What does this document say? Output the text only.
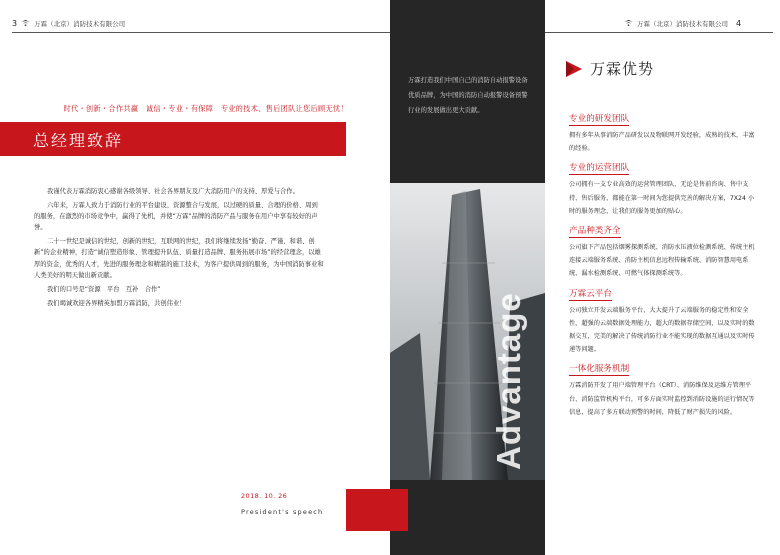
3	万霖（北京）消防技术有限公司
时代・创新・合作共赢　诚信・专业・有保障　专业的技术、售后团队让您后顾无忧！
总经理致辞

我谨代表万霖消防衷心感谢各级领导、社会各界朋友及广大消防用户的支持、厚爱与合作。

六年来，万霖人致力于消防行业的平台建设、资源整合与发展，以过硬的质量、合理的价格、周到的服务，在激烈的市场竞争中，赢得了先机，并使“万霖”品牌的消防产品与服务在用户中享有较好的声誉。

二十一世纪是诚信的世纪，创新的世纪，互联网的世纪，我们将继续发扬“勤奋、严谨、和谐、创新”的企业精神，打造“诚信塑造形象、管理提升队伍、质量打造品牌、服务拓展市场”的经营理念，以雄厚的资金，优秀的人才，先进的服务理念和精湛的施工技术，为客户提供周到的服务，为中国消防事业和人类美好的明天做出新贡献。

我们的口号是“资源　平台　互补　合作”

我们竭诚欢迎各界精英加盟万霖消防，共创伟业！

2018. 10. 26
President's speech

万霖打造我们中国自己的消防自动报警设备优质品牌，为中国的消防自动报警设备预警行业的发展做出更大贡献。

Advantage
万霖（北京）消防技术有限公司 4
万霖优势
专业的研发团队
拥有多年从事消防产品研发以及物联网开发经验，成熟的技术，丰富的经验。
专业的运营团队
公司拥有一支专业高效的运营管理团队，无论是售前咨询、售中支持、售后服务，都能在第一时间为您提供完善的解决方案，7X24 小时的服务理念，让我们的服务更加的贴心。
产品种类齐全
公司旗下产品包括烟雾探测系统、消防水压液位检测系统、传统主机连接云端服务系统、消防主机信息远程传输系统、消防智慧用电系统、漏水检测系统、可燃气体探测系统等。
万霖云平台
公司独立开发云端服务平台，大大提升了云端服务的稳定性和安全性，超强的云端数据处理能力，超大的数据存储空间，以及实时的数据交互，完美的解决了传统消防行业不能实现的数据互通以及实时传递等问题。
一体化服务机制
万霖消防开发了用户端管理平台（CRT）、消防维保及运维方管理平台、消防监管机构平台，可多方面实时监控到消防设施的运行情况等信息，提高了多方联动预警的时间，降低了财产损失的风险。
